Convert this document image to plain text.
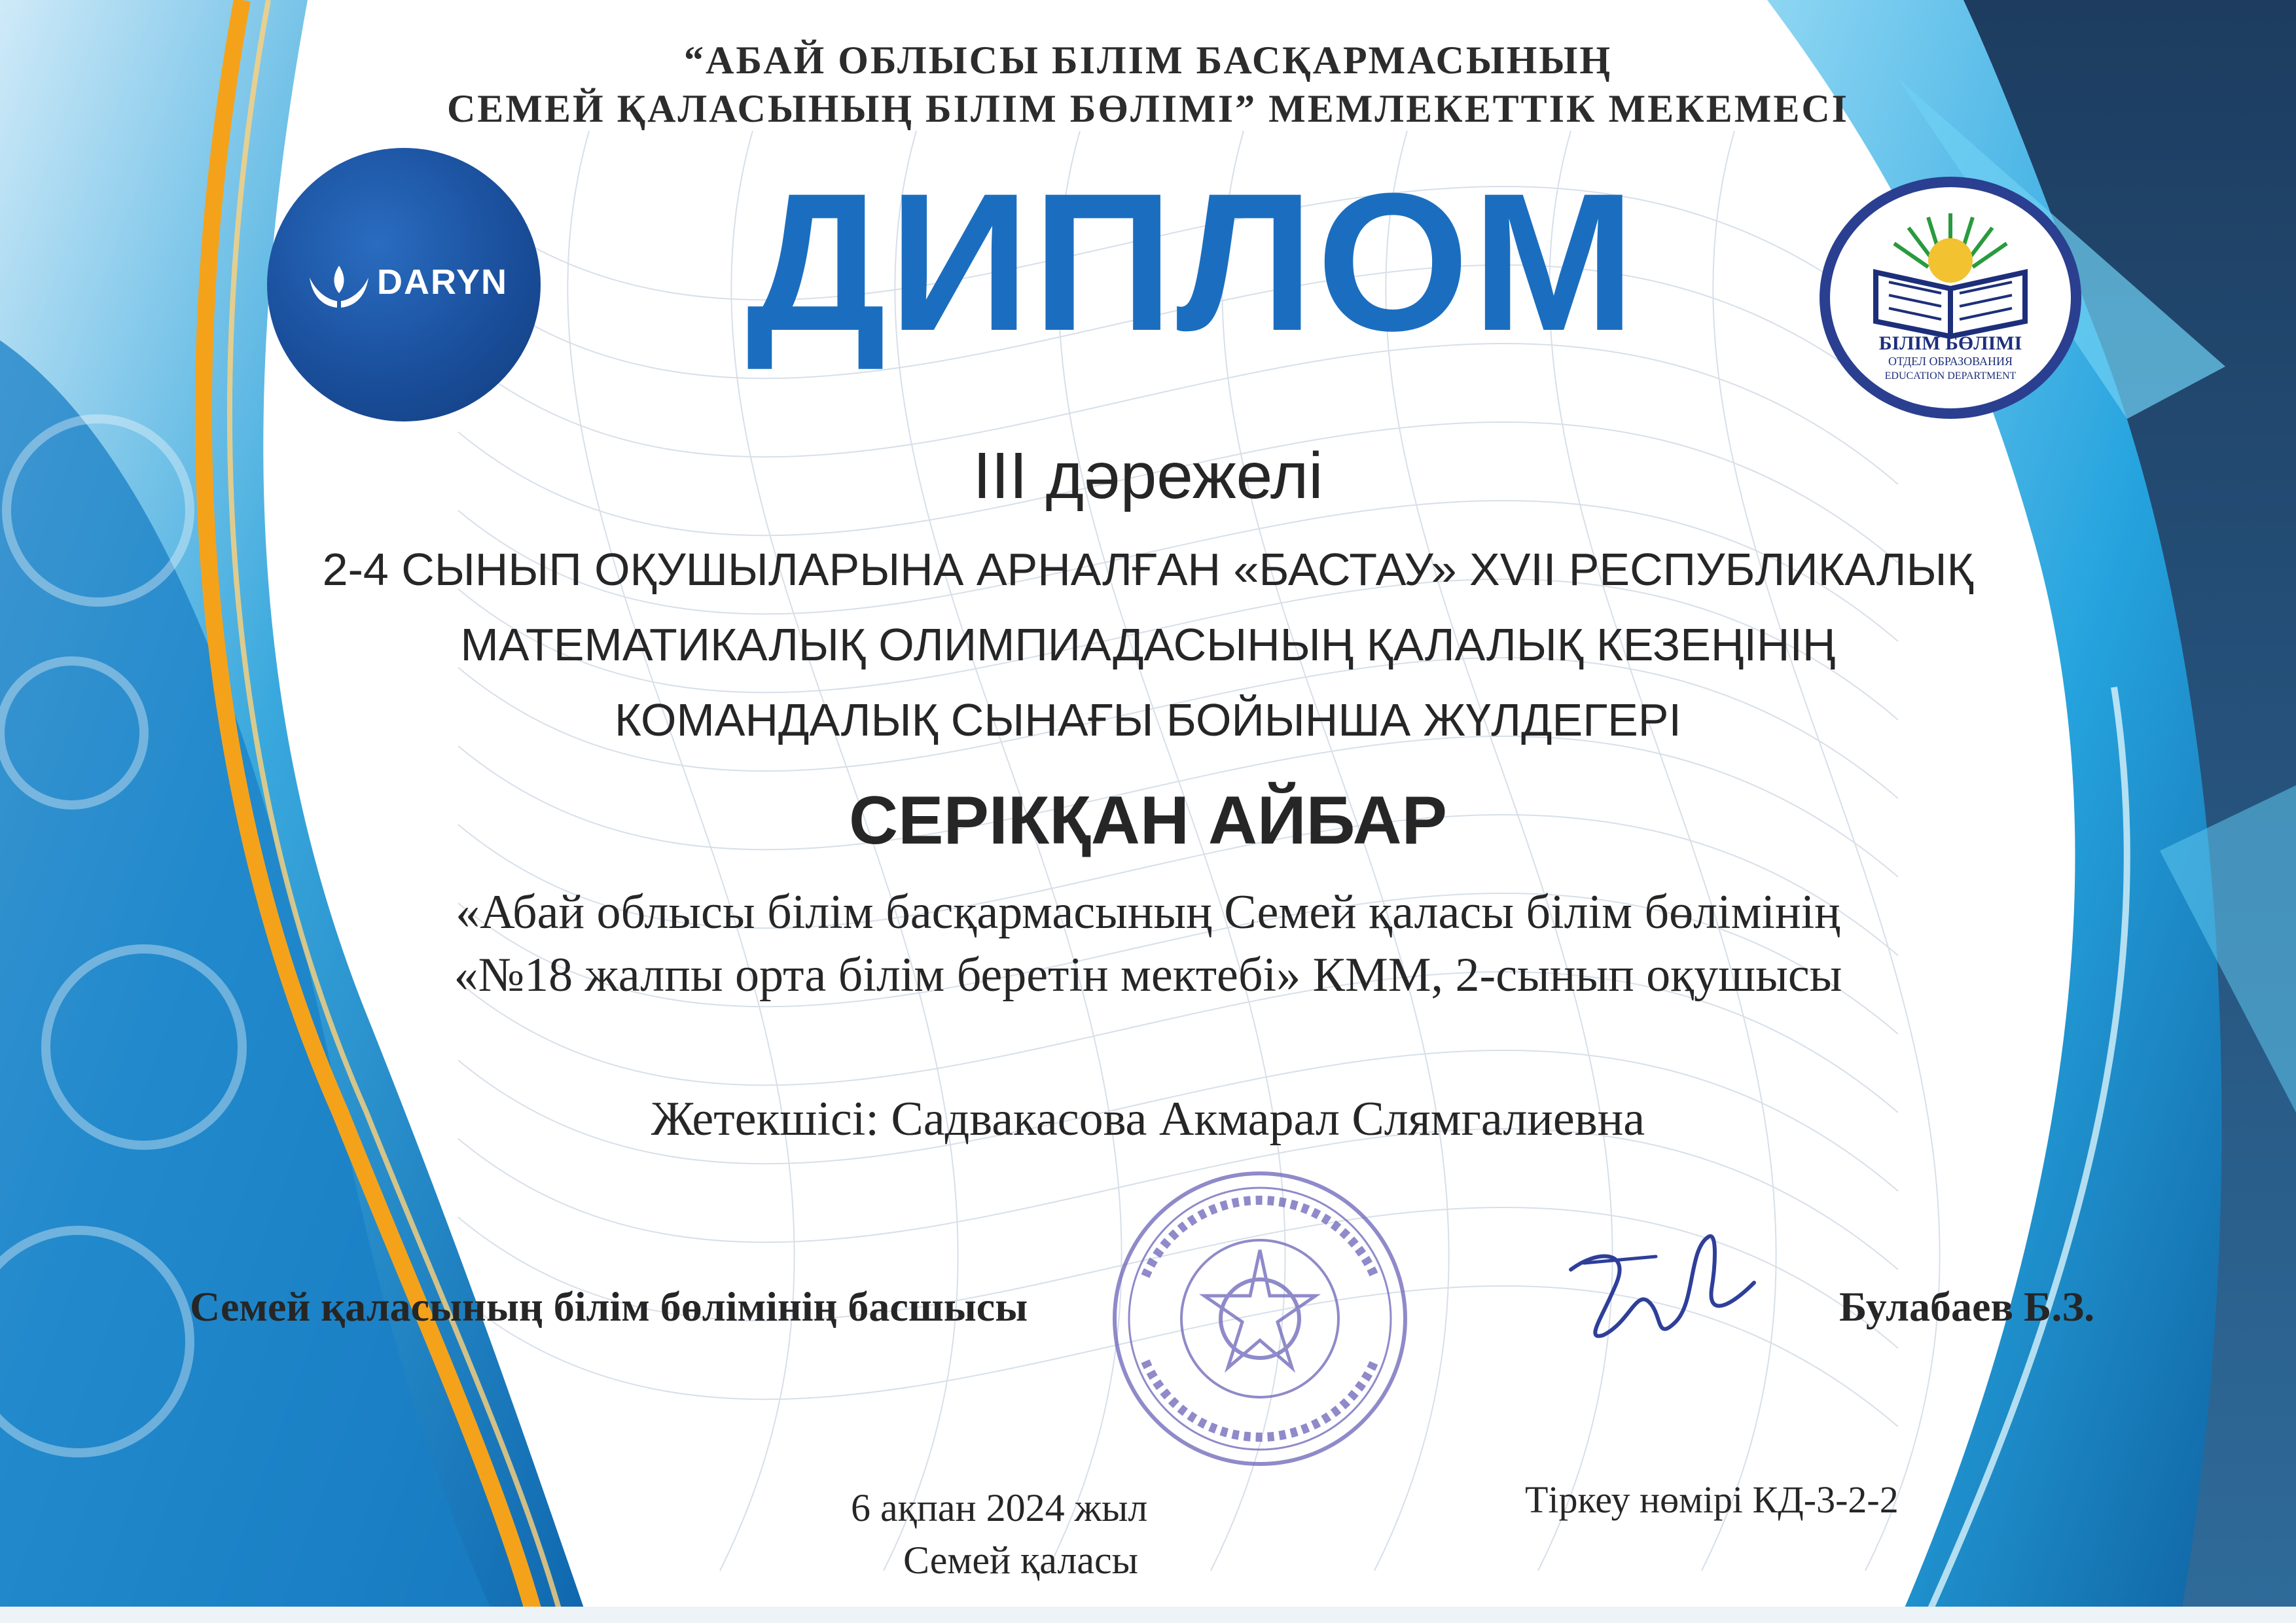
“АБАЙ ОБЛЫСЫ БІЛІМ БАСҚАРМАСЫНЫҢ
СЕМЕЙ ҚАЛАСЫНЫҢ БІЛІМ БӨЛІМІ” МЕМЛЕКЕТТІК МЕКЕМЕСІ
DARYN
БІЛІМ БӨЛІМІ
ОТДЕЛ ОБРАЗОВАНИЯ
EDUCATION DEPARTMENT
ДИПЛОМ
III дәрежелі
2-4 СЫНЫП ОҚУШЫЛАРЫНА АРНАЛҒАН «БАСТАУ» XVII РЕСПУБЛИКАЛЫҚ
МАТЕМАТИКАЛЫҚ ОЛИМПИАДАСЫНЫҢ ҚАЛАЛЫҚ КЕЗЕҢІНІҢ
КОМАНДАЛЫҚ СЫНАҒЫ БОЙЫНША ЖҮЛДЕГЕРІ
СЕРІКҚАН АЙБАР
«Абай облысы білім басқармасының Семей қаласы білім бөлімінің
«№18 жалпы орта білім беретін мектебі» КММ, 2-сынып оқушысы
Жетекшісі: Садвакасова Акмарал Слямгалиевна
Семей қаласының білім бөлімінің басшысы	Булабаев Б.З.
6 ақпан 2024 жыл
Семей қаласы
Тіркеу нөмірі КД-3-2-2
